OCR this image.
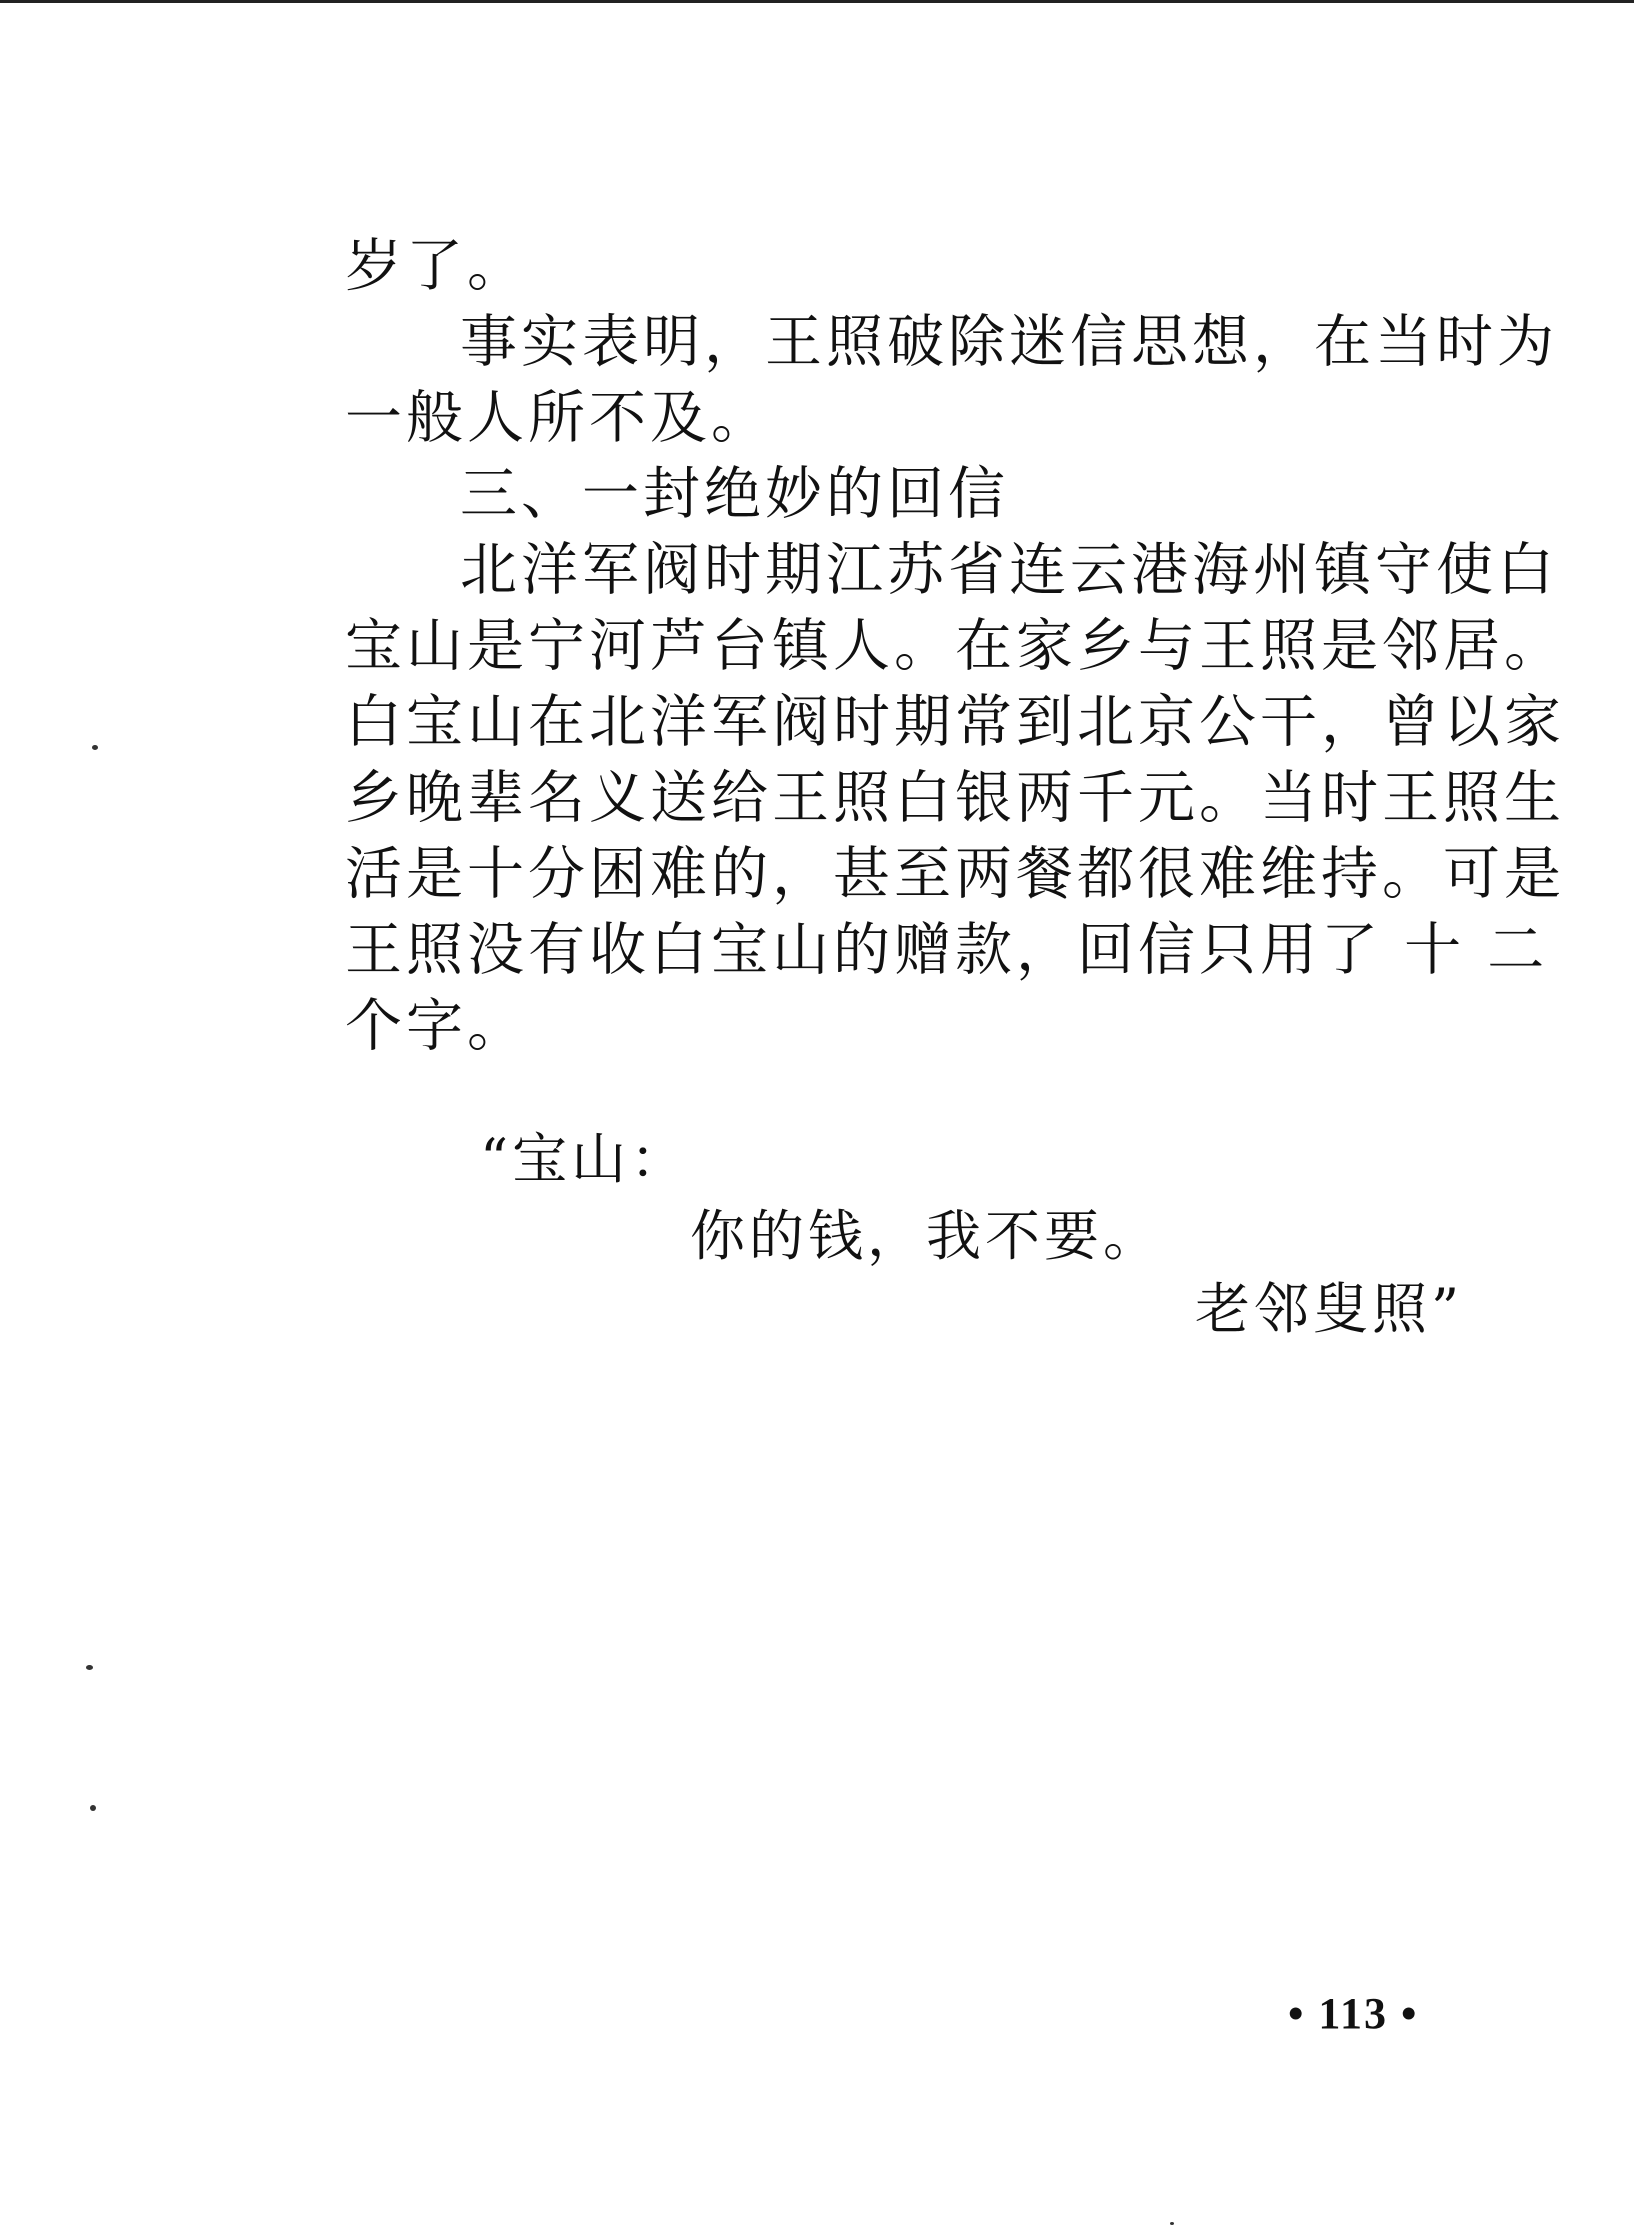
岁了。
事实表明，王照破除迷信思想，在当时为
一般人所不及。
三、一封绝妙的回信
北洋军阀时期江苏省连云港海州镇守使白
宝山是宁河芦台镇人。在家乡与王照是邻居。
白宝山在北洋军阀时期常到北京公干，曾以家
乡晚辈名义送给王照白银两千元。当时王照生
活是十分困难的，甚至两餐都很难维持。可是
王照没有收白宝山的赠款，回信只用了 十 二
个字。
“宝山：
你的钱，我不要。
老邻叟照”
• 113 •
